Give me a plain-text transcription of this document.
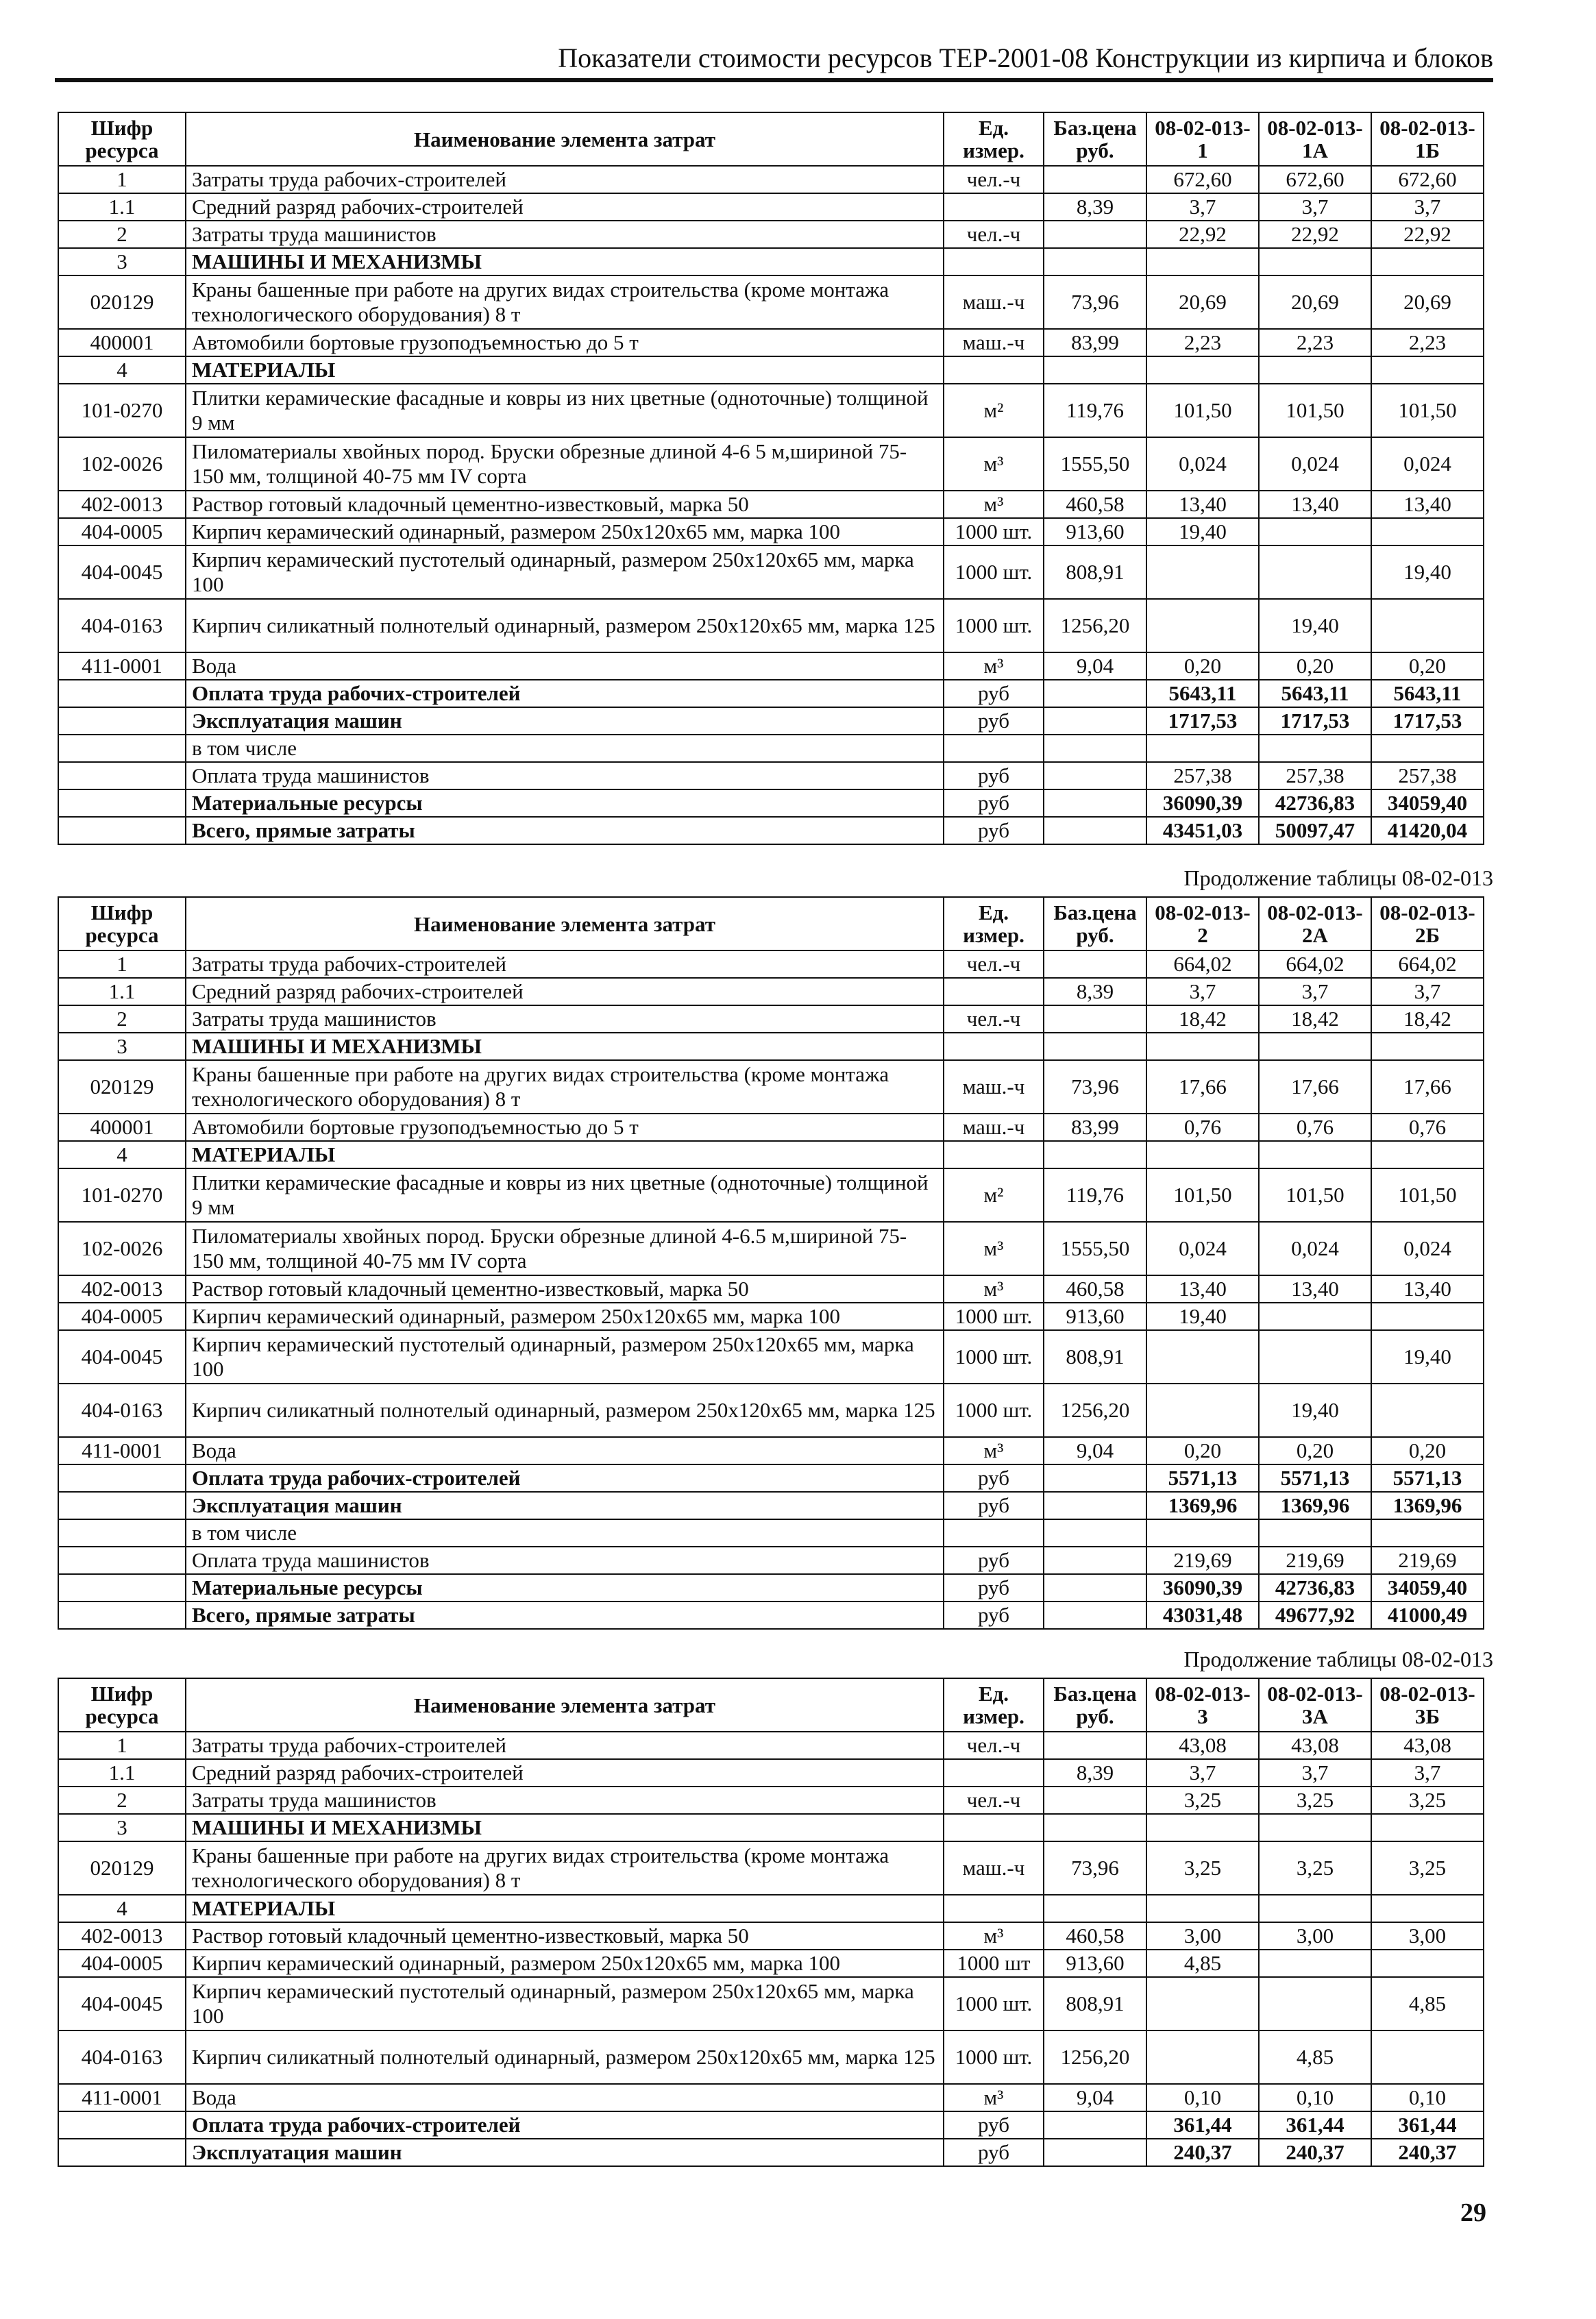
Показатели стоимости ресурсов ТЕР-2001-08 Конструкции из кирпича и блоков
Шифр ресурса	Наименование элемента затрат	Ед. измер.	Баз.цена руб.	08-02-013-1	08-02-013-1А	08-02-013-1Б
1	Затраты труда рабочих-строителей	чел.-ч		672,60	672,60	672,60
1.1	Средний разряд рабочих-строителей		8,39	3,7	3,7	3,7
2	Затраты труда машинистов	чел.-ч		22,92	22,92	22,92
3	МАШИНЫ И МЕХАНИЗМЫ					
020129	Краны башенные при работе на других видах строительства (кроме монтажа технологического оборудования) 8 т	маш.-ч	73,96	20,69	20,69	20,69
400001	Автомобили бортовые грузоподъемностью до 5 т	маш.-ч	83,99	2,23	2,23	2,23
4	МАТЕРИАЛЫ					
101-0270	Плитки керамические фасадные и ковры из них цветные (одноточные) толщиной 9 мм	м²	119,76	101,50	101,50	101,50
102-0026	Пиломатериалы хвойных пород. Бруски обрезные длиной 4-6 5 м,шириной 75-150 мм, толщиной 40-75 мм IV сорта	м³	1555,50	0,024	0,024	0,024
402-0013	Раствор готовый кладочный цементно-известковый, марка 50	м³	460,58	13,40	13,40	13,40
404-0005	Кирпич керамический одинарный, размером 250х120х65 мм, марка 100	1000 шт.	913,60	19,40		
404-0045	Кирпич керамический пустотелый одинарный, размером 250х120х65 мм, марка 100	1000 шт.	808,91			19,40
404-0163	Кирпич силикатный полнотелый одинарный, размером 250х120х65 мм, марка 125	1000 шт.	1256,20		19,40	
411-0001	Вода	м³	9,04	0,20	0,20	0,20
	Оплата труда рабочих-строителей	руб		5643,11	5643,11	5643,11
	Эксплуатация машин	руб		1717,53	1717,53	1717,53
	в том числе					
	Оплата труда машинистов	руб		257,38	257,38	257,38
	Материальные ресурсы	руб		36090,39	42736,83	34059,40
	Всего, прямые затраты	руб		43451,03	50097,47	41420,04
Продолжение таблицы 08-02-013
Шифр ресурса	Наименование элемента затрат	Ед. измер.	Баз.цена руб.	08-02-013-2	08-02-013-2А	08-02-013-2Б
1	Затраты труда рабочих-строителей	чел.-ч		664,02	664,02	664,02
1.1	Средний разряд рабочих-строителей		8,39	3,7	3,7	3,7
2	Затраты труда машинистов	чел.-ч		18,42	18,42	18,42
3	МАШИНЫ И МЕХАНИЗМЫ					
020129	Краны башенные при работе на других видах строительства (кроме монтажа технологического оборудования) 8 т	маш.-ч	73,96	17,66	17,66	17,66
400001	Автомобили бортовые грузоподъемностью до 5 т	маш.-ч	83,99	0,76	0,76	0,76
4	МАТЕРИАЛЫ					
101-0270	Плитки керамические фасадные и ковры из них цветные (одноточные) толщиной 9 мм	м²	119,76	101,50	101,50	101,50
102-0026	Пиломатериалы хвойных пород. Бруски обрезные длиной 4-6.5 м,шириной 75-150 мм, толщиной 40-75 мм IV сорта	м³	1555,50	0,024	0,024	0,024
402-0013	Раствор готовый кладочный цементно-известковый, марка 50	м³	460,58	13,40	13,40	13,40
404-0005	Кирпич керамический одинарный, размером 250х120х65 мм, марка 100	1000 шт.	913,60	19,40		
404-0045	Кирпич керамический пустотелый одинарный, размером 250х120х65 мм, марка 100	1000 шт.	808,91			19,40
404-0163	Кирпич силикатный полнотелый одинарный, размером 250х120х65 мм, марка 125	1000 шт.	1256,20		19,40	
411-0001	Вода	м³	9,04	0,20	0,20	0,20
	Оплата труда рабочих-строителей	руб		5571,13	5571,13	5571,13
	Эксплуатация машин	руб		1369,96	1369,96	1369,96
	в том числе					
	Оплата труда машинистов	руб		219,69	219,69	219,69
	Материальные ресурсы	руб		36090,39	42736,83	34059,40
	Всего, прямые затраты	руб		43031,48	49677,92	41000,49
Продолжение таблицы 08-02-013
Шифр ресурса	Наименование элемента затрат	Ед. измер.	Баз.цена руб.	08-02-013-3	08-02-013-3А	08-02-013-3Б
1	Затраты труда рабочих-строителей	чел.-ч		43,08	43,08	43,08
1.1	Средний разряд рабочих-строителей		8,39	3,7	3,7	3,7
2	Затраты труда машинистов	чел.-ч		3,25	3,25	3,25
3	МАШИНЫ И МЕХАНИЗМЫ					
020129	Краны башенные при работе на других видах строительства (кроме монтажа технологического оборудования) 8 т	маш.-ч	73,96	3,25	3,25	3,25
4	МАТЕРИАЛЫ					
402-0013	Раствор готовый кладочный цементно-известковый, марка 50	м³	460,58	3,00	3,00	3,00
404-0005	Кирпич керамический одинарный, размером 250х120х65 мм, марка 100	1000 шт	913,60	4,85		
404-0045	Кирпич керамический пустотелый одинарный, размером 250х120х65 мм, марка 100	1000 шт.	808,91			4,85
404-0163	Кирпич силикатный полнотелый одинарный, размером 250х120х65 мм, марка 125	1000 шт.	1256,20		4,85	
411-0001	Вода	м³	9,04	0,10	0,10	0,10
	Оплата труда рабочих-строителей	руб		361,44	361,44	361,44
	Эксплуатация машин	руб		240,37	240,37	240,37
29
